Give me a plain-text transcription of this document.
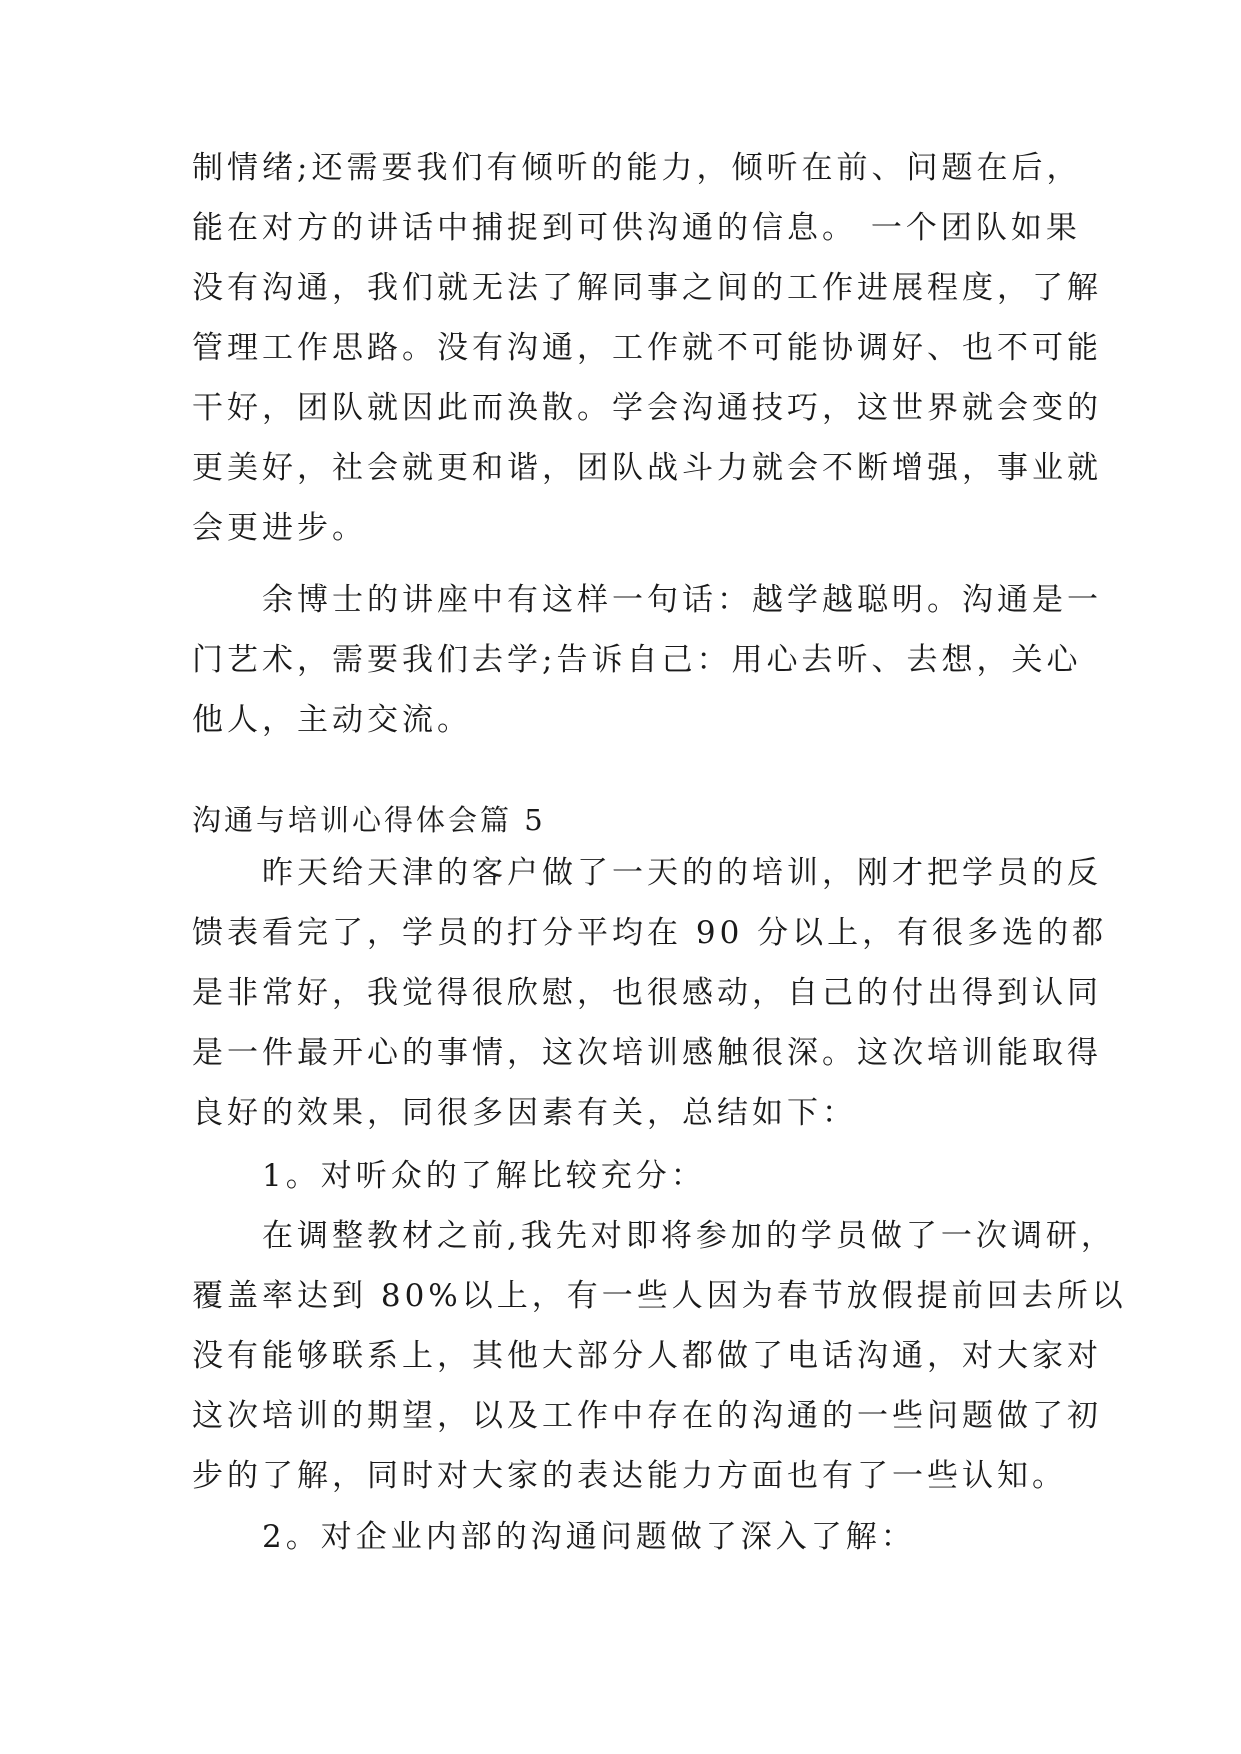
制情绪;还需要我们有倾听的能力，倾听在前、问题在后，
能在对方的讲话中捕捉到可供沟通的信息。 一个团队如果
没有沟通，我们就无法了解同事之间的工作进展程度，了解
管理工作思路。没有沟通，工作就不可能协调好、也不可能
干好，团队就因此而涣散。学会沟通技巧，这世界就会变的
更美好，社会就更和谐，团队战斗力就会不断增强，事业就
会更进步。
　　余博士的讲座中有这样一句话：越学越聪明。沟通是一
门艺术，需要我们去学;告诉自己：用心去听、去想，关心
他人，主动交流。
沟通与培训心得体会篇 5
　　昨天给天津的客户做了一天的的培训，刚才把学员的反
馈表看完了，学员的打分平均在 90 分以上，有很多选的都
是非常好，我觉得很欣慰，也很感动，自己的付出得到认同
是一件最开心的事情，这次培训感触很深。这次培训能取得
良好的效果，同很多因素有关，总结如下：
　　1。对听众的了解比较充分：
　　在调整教材之前,我先对即将参加的学员做了一次调研，
覆盖率达到 80%以上，有一些人因为春节放假提前回去所以
没有能够联系上，其他大部分人都做了电话沟通，对大家对
这次培训的期望，以及工作中存在的沟通的一些问题做了初
步的了解，同时对大家的表达能力方面也有了一些认知。
　　2。对企业内部的沟通问题做了深入了解：
